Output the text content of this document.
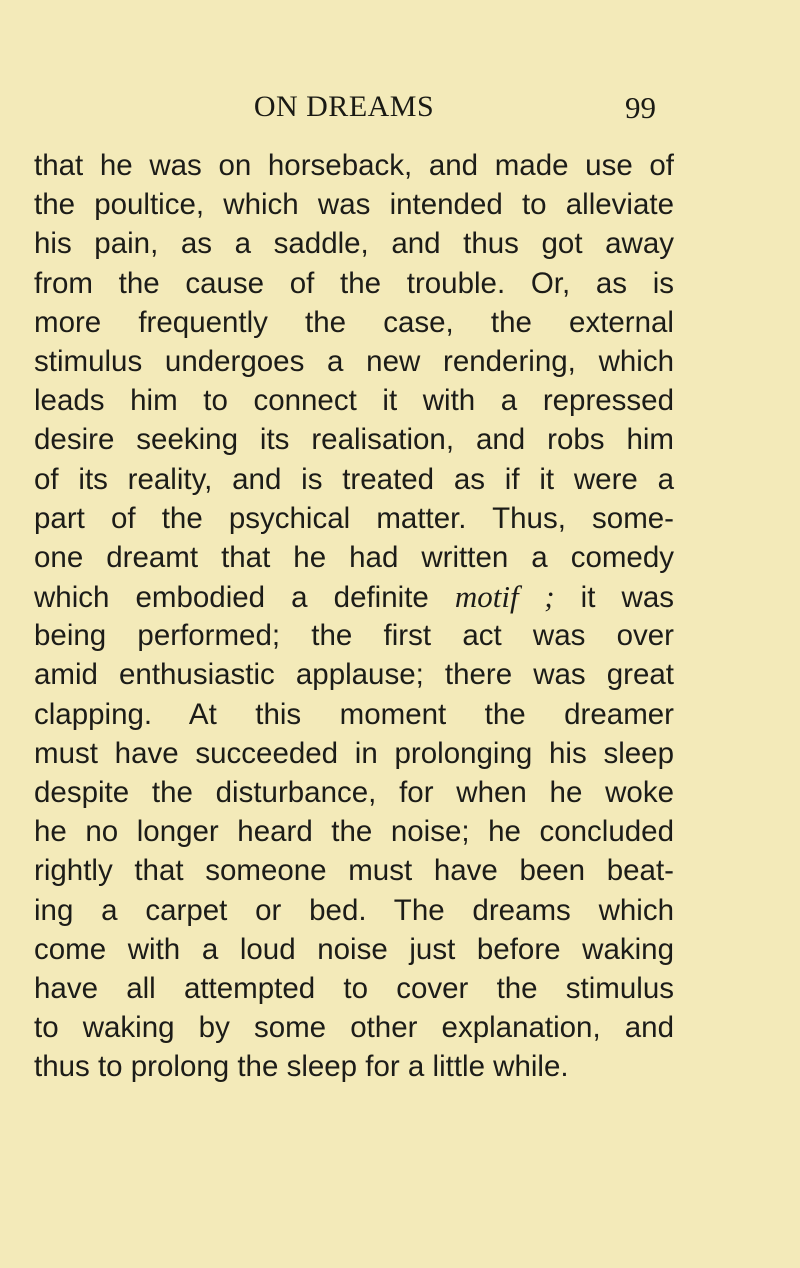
ON DREAMS	99
that he was on horseback, and made use of
the poultice, which was intended to alleviate
his pain, as a saddle, and thus got away
from the cause of the trouble. Or, as is
more frequently the case, the external
stimulus undergoes a new rendering, which
leads him to connect it with a repressed
desire seeking its realisation, and robs him
of its reality, and is treated as if it were a
part of the psychical matter. Thus, some-
one dreamt that he had written a comedy
which embodied a definite motif ; it was
being performed; the first act was over
amid enthusiastic applause; there was great
clapping. At this moment the dreamer
must have succeeded in prolonging his sleep
despite the disturbance, for when he woke
he no longer heard the noise; he concluded
rightly that someone must have been beat-
ing a carpet or bed. The dreams which
come with a loud noise just before waking
have all attempted to cover the stimulus
to waking by some other explanation, and
thus to prolong the sleep for a little while.
